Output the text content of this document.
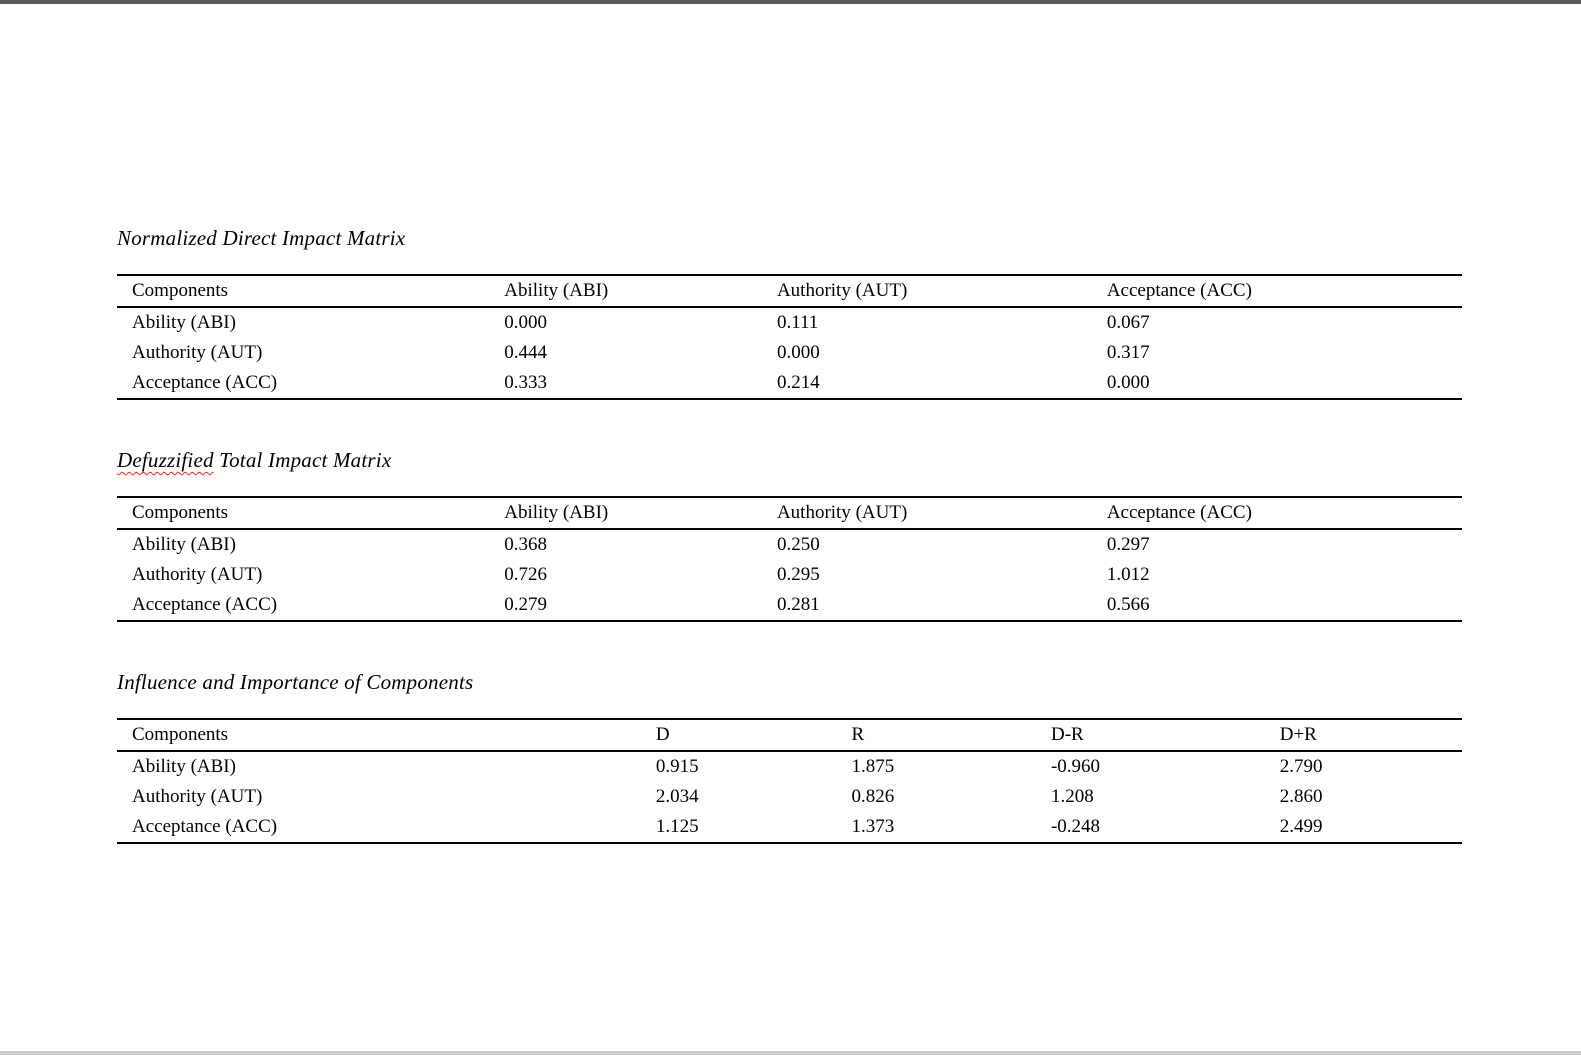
Normalized Direct Impact Matrix
Components	Ability (ABI)	Authority (AUT)	Acceptance (ACC)
Ability (ABI)	0.000	0.111	0.067
Authority (AUT)	0.444	0.000	0.317
Acceptance (ACC)	0.333	0.214	0.000
Defuzzified Total Impact Matrix
Components	Ability (ABI)	Authority (AUT)	Acceptance (ACC)
Ability (ABI)	0.368	0.250	0.297
Authority (AUT)	0.726	0.295	1.012
Acceptance (ACC)	0.279	0.281	0.566
Influence and Importance of Components
Components	D	R	D-R	D+R
Ability (ABI)	0.915	1.875	-0.960	2.790
Authority (AUT)	2.034	0.826	1.208	2.860
Acceptance (ACC)	1.125	1.373	-0.248	2.499
